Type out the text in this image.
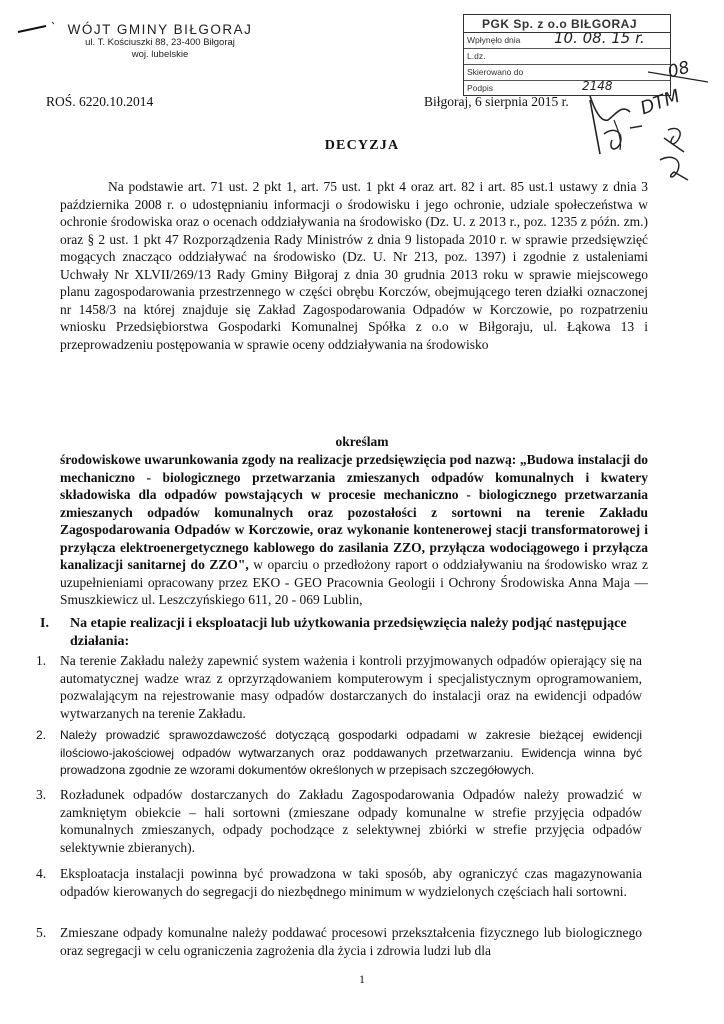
WÓJT GMINY BIŁGORAJ
ul. T. Kościuszki 88, 23-400 Biłgoraj
woj. lubelskie
PGK Sp. z o.o BIŁGORAJ
Wpłynęło dnia 10. 08. 15 r.
L.dz.
Skierowano do
Podpis	2148
08
DTM
ROŚ. 6220.10.2014	Biłgoraj, 6 sierpnia 2015 r.
DECYZJA
Na podstawie art. 71 ust. 2 pkt 1, art. 75 ust. 1 pkt 4 oraz art. 82 i art. 85 ust.1 ustawy z dnia 3 października 2008 r. o udostępnianiu informacji o środowisku i jego ochronie, udziale społeczeństwa w ochronie środowiska oraz o ocenach oddziaływania na środowisko (Dz. U. z 2013 r., poz. 1235 z późn. zm.) oraz § 2 ust. 1 pkt 47 Rozporządzenia Rady Ministrów z dnia 9 listopada 2010 r. w sprawie przedsięwzięć mogących znacząco oddziaływać na środowisko (Dz. U. Nr 213, poz. 1397) i zgodnie z ustaleniami Uchwały Nr XLVII/269/13 Rady Gminy Biłgoraj z dnia 30 grudnia 2013 roku w sprawie miejscowego planu zagospodarowania przestrzennego w części obrębu Korczów, obejmującego teren działki oznaczonej nr 1458/3 na której znajduje się Zakład Zagospodarowania Odpadów w Korczowie, po rozpatrzeniu wniosku Przedsiębiorstwa Gospodarki Komunalnej Spółka z o.o w Biłgoraju, ul. Łąkowa 13 i przeprowadzeniu postępowania w sprawie oceny oddziaływania na środowisko
określam
środowiskowe uwarunkowania zgody na realizacje przedsięwzięcia pod nazwą: „Budowa instalacji do mechaniczno - biologicznego przetwarzania zmieszanych odpadów komunalnych i kwatery składowiska dla odpadów powstających w procesie mechaniczno - biologicznego przetwarzania zmieszanych odpadów komunalnych oraz pozostałości z sortowni na terenie Zakładu Zagospodarowania Odpadów w Korczowie, oraz wykonanie kontenerowej stacji transformatorowej i przyłącza elektroenergetycznego kablowego do zasilania ZZO, przyłącza wodociągowego i przyłącza kanalizacji sanitarnej do ZZO", w oparciu o przedłożony raport o oddziaływaniu na środowisko wraz z uzupełnieniami opracowany przez EKO - GEO Pracownia Geologii i Ochrony Środowiska Anna Maja —Smuszkiewicz ul. Leszczyńskiego 611, 20 - 069 Lublin,
I. Na etapie realizacji i eksploatacji lub użytkowania przedsięwzięcia należy podjąć następujące działania:
1.	Na terenie Zakładu należy zapewnić system ważenia i kontroli przyjmowanych odpadów opierający się na automatycznej wadze wraz z oprzyrządowaniem komputerowym i specjalistycznym oprogramowaniem, pozwalającym na rejestrowanie masy odpadów dostarczanych do instalacji oraz na ewidencji odpadów wytwarzanych na terenie Zakładu.
2.	Należy prowadzić sprawozdawczość dotyczącą gospodarki odpadami w zakresie bieżącej ewidencji ilościowo-jakościowej odpadów wytwarzanych oraz poddawanych przetwarzaniu. Ewidencja winna być prowadzona zgodnie ze wzorami dokumentów określonych w przepisach szczegółowych.
3.	Rozładunek odpadów dostarczanych do Zakładu Zagospodarowania Odpadów należy prowadzić w zamkniętym obiekcie – hali sortowni (zmieszane odpady komunalne w strefie przyjęcia odpadów komunalnych zmieszanych, odpady pochodzące z selektywnej zbiórki w strefie przyjęcia odpadów selektywnie zbieranych).
4.	Eksploatacja instalacji powinna być prowadzona w taki sposób, aby ograniczyć czas magazynowania odpadów kierowanych do segregacji do niezbędnego minimum w wydzielonych częściach hali sortowni.
5.	Zmieszane odpady komunalne należy poddawać procesowi przekształcenia fizycznego lub biologicznego oraz segregacji w celu ograniczenia zagrożenia dla życia i zdrowia ludzi lub dla
1
